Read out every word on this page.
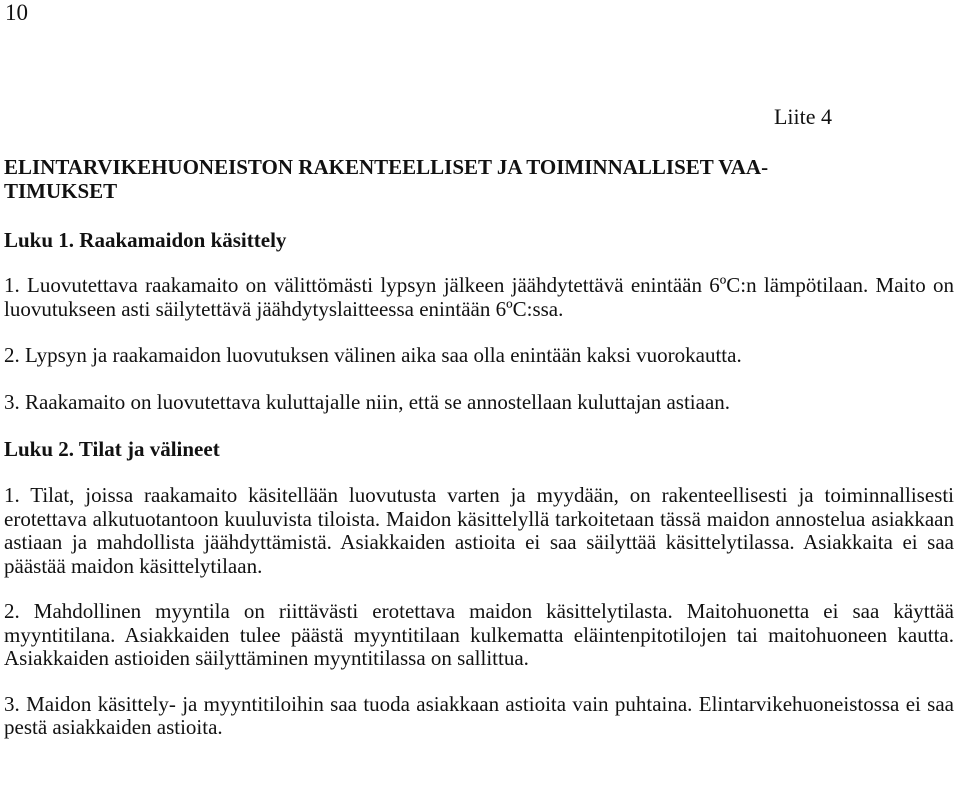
10
Liite 4
ELINTARVIKEHUONEISTON RAKENTEELLISET JA TOIMINNALLISET VAA-
TIMUKSET
Luku 1. Raakamaidon käsittely

1. Luovutettava raakamaito on välittömästi lypsyn jälkeen jäähdytettävä enintään 6ºC:n lämpötilaan. Maito on luovutukseen asti säilytettävä jäähdytyslaitteessa enintään 6ºC:ssa.

2. Lypsyn ja raakamaidon luovutuksen välinen aika saa olla enintään kaksi vuorokautta.

3. Raakamaito on luovutettava kuluttajalle niin, että se annostellaan kuluttajan astiaan.

Luku 2. Tilat ja välineet

1. Tilat, joissa raakamaito käsitellään luovutusta varten ja myydään, on rakenteellisesti ja toiminnallisesti erotettava alkutuotantoon kuuluvista tiloista. Maidon käsittelyllä tarkoitetaan tässä maidon annostelua asiakkaan astiaan ja mahdollista jäähdyttämistä. Asiakkaiden astioita ei saa säilyttää käsittelytilassa. Asiakkaita ei saa päästää maidon käsittelytilaan.

2. Mahdollinen myyntila on riittävästi erotettava maidon käsittelytilasta. Maitohuonetta ei saa käyttää myyntitilana. Asiakkaiden tulee päästä myyntitilaan kulkematta eläintenpitotilojen tai maitohuoneen kautta. Asiakkaiden astioiden säilyttäminen myyntitilassa on sallittua.

3. Maidon käsittely- ja myyntitiloihin saa tuoda asiakkaan astioita vain puhtaina. Elintarvikehuoneistossa ei saa pestä asiakkaiden astioita.
